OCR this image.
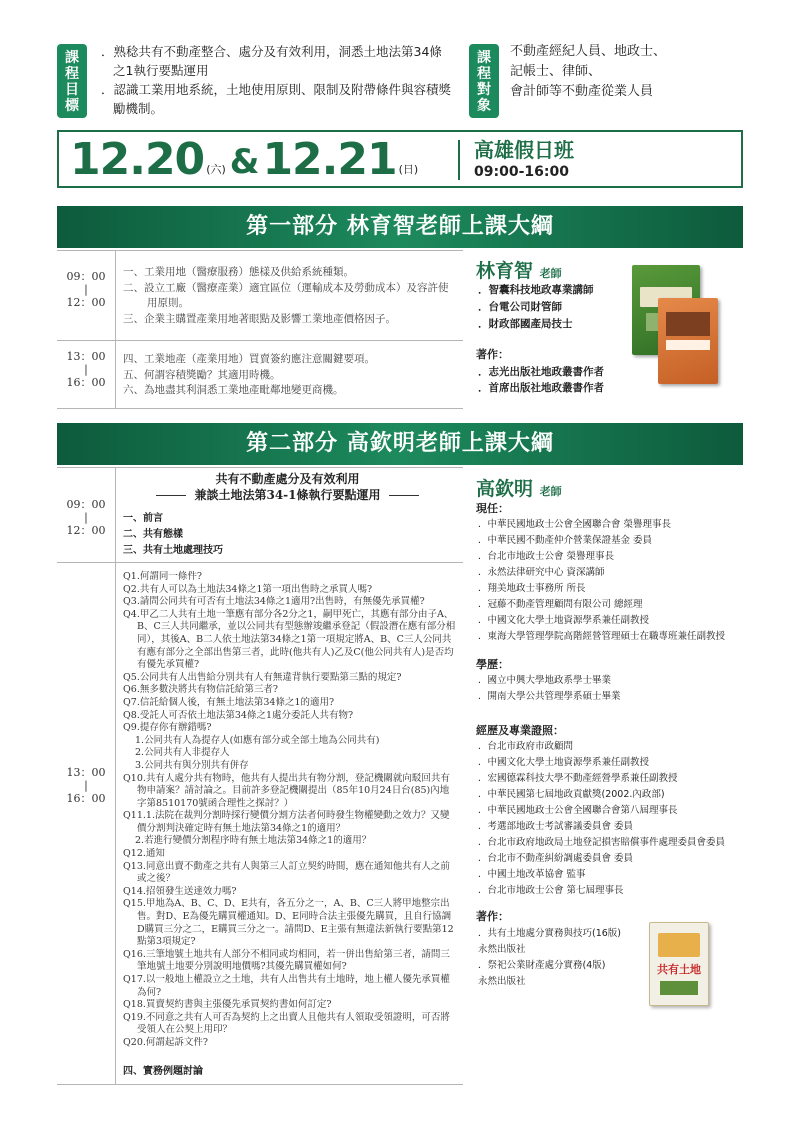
課
程
目
標
．熟稔共有不動產整合、處分及有效利用，洞悉土地法第34條之1執行要點運用
．認識工業用地系統，土地使用原則、限制及附帶條件與容積獎勵機制。
課
程
對
象
不動產經紀人員、地政士、
記帳士、律師、
會計師等不動產從業人員
12.20 (六) & 12.21 (日)
高雄假日班
09:00-16:00
第一部分 林育智老師上課大綱
09：00
|
12：00
一、工業用地（醫療服務）態樣及供給系統種類。
二、設立工廠（醫療產業）適宜區位（運輸成本及勞動成本）及容許使用原則。
三、企業主購置產業用地著眼點及影響工業地產價格因子。
13：00
|
16：00
四、工業地產（產業用地）買賣簽約應注意關鍵要項。
五、何謂容積獎勵？其適用時機。
六、為地盡其利洞悉工業地產毗鄰地變更商機。
林育智 老師
．智囊科技地政專業講師
．台電公司財管師
．財政部國產局技士
著作：
．志光出版社地政叢書作者
．首席出版社地政叢書作者
第二部分 高欽明老師上課大綱
共有不動產處分及有效利用
兼談土地法第34-1條執行要點運用
09：00
|
12：00
一、前言
二、共有態樣
三、共有土地處理技巧
13：00
|
16：00
Q1.何謂同一條件?
Q2.共有人可以為土地法34條之1第一項出售時之承買人嗎?
Q3.請問公同共有可否有土地法34條之1適用?出售時，有無優先承買權?
Q4.甲乙二人共有土地一筆應有部分各2分之1，嗣甲死亡，其應有部分由子A、B、C三人共同繼承，並以公同共有型態辦竣繼承登記（假設潛在應有部分相同），其後A、B二人依土地法第34條之1第一項規定將A、B、C三人公同共有應有部分之全部出售第三者，此時(他共有人)乙及C(他公同共有人)是否均有優先承買權?
Q5.公同共有人出售給分別共有人有無違背執行要點第三點的規定?
Q6.無多數決將共有物信託給第三者?
Q7.信託給個人後，有無土地法第34條之1的適用?
Q8.受託人可否依土地法第34條之1處分委託人共有物?
Q9.提存你有辦錯嗎?
1.公同共有人為提存人(如應有部分或全部土地為公同共有)
2.公同共有人非提存人
3.公同共有與分別共有併存
Q10.共有人處分共有物時，他共有人提出共有物分割，登記機關就向駁回共有物申請案？請討論之。目前許多登記機關提出（85年10月24日台(85)內地字第8510170號函合理性之探討？）
Q11.1.法院在裁判分割時採行變價分割方法者何時發生物權變動之效力？又變價分割判決確定時有無土地法第34條之1的適用？
2.若進行變價分割程序時有無土地法第34條之1的適用？
Q12.通知
Q13.同意出賣不動產之共有人與第三人訂立契約時間，應在通知他共有人之前或之後？
Q14.招領發生送達效力嗎?
Q15.甲地為A、B、C、D、E共有，各五分之一，A、B、C三人將甲地整宗出售。對D、E為優先購買權通知。D、E同時合法主張優先購買，且自行協調D購買三分之二，E購買三分之一。請問D、E主張有無違法新執行要點第12點第3項規定?
Q16.三筆地號土地共有人部分不相同或均相同，若一併出售給第三者，請問三筆地號土地要分別說明地價嗎?其優先購買權如何?
Q17.以一般地上權設立之土地，共有人出售共有土地時，地上權人優先承買權為何?
Q18.買賣契約書與主張優先承買契約書如何訂定?
Q19.不同意之共有人可否為契約上之出賣人且他共有人領取受領證明，可否將受領人在公契上用印？
Q20.何謂起訴文件?
四、實務例題討論
高欽明 老師
現任：
．中華民國地政士公會全國聯合會 榮譽理事長
．中華民國不動產仲介營業保證基金 委員
．台北市地政士公會 榮譽理事長
．永然法律研究中心 資深講師
．翔美地政士事務所 所長
．冠藤不動產管理顧問有限公司 總經理
．中國文化大學土地資源學系兼任副教授
．東海大學管理學院高階經營管理碩士在職專班兼任副教授
學歷：
．國立中興大學地政系學士畢業
．開南大學公共管理學系碩士畢業
經歷及專業證照：
．台北市政府市政顧問
．中國文化大學土地資源學系兼任副教授
．宏國德霖科技大學不動產經營學系兼任副教授
．中華民國第七屆地政貢獻獎(2002.內政部)
．中華民國地政士公會全國聯合會第八屆理事長
．考選部地政士考試審議委員會 委員
．台北市政府地政局土地登記損害賠償事件處理委員會委員
．台北市不動產糾紛調處委員會 委員
．中國土地改革協會 監事
．台北市地政士公會 第七屆理事長
著作：
．共有土地處分實務與技巧(16版)
永然出版社
．祭祀公業財產處分實務(4版)
永然出版社
共有土地
